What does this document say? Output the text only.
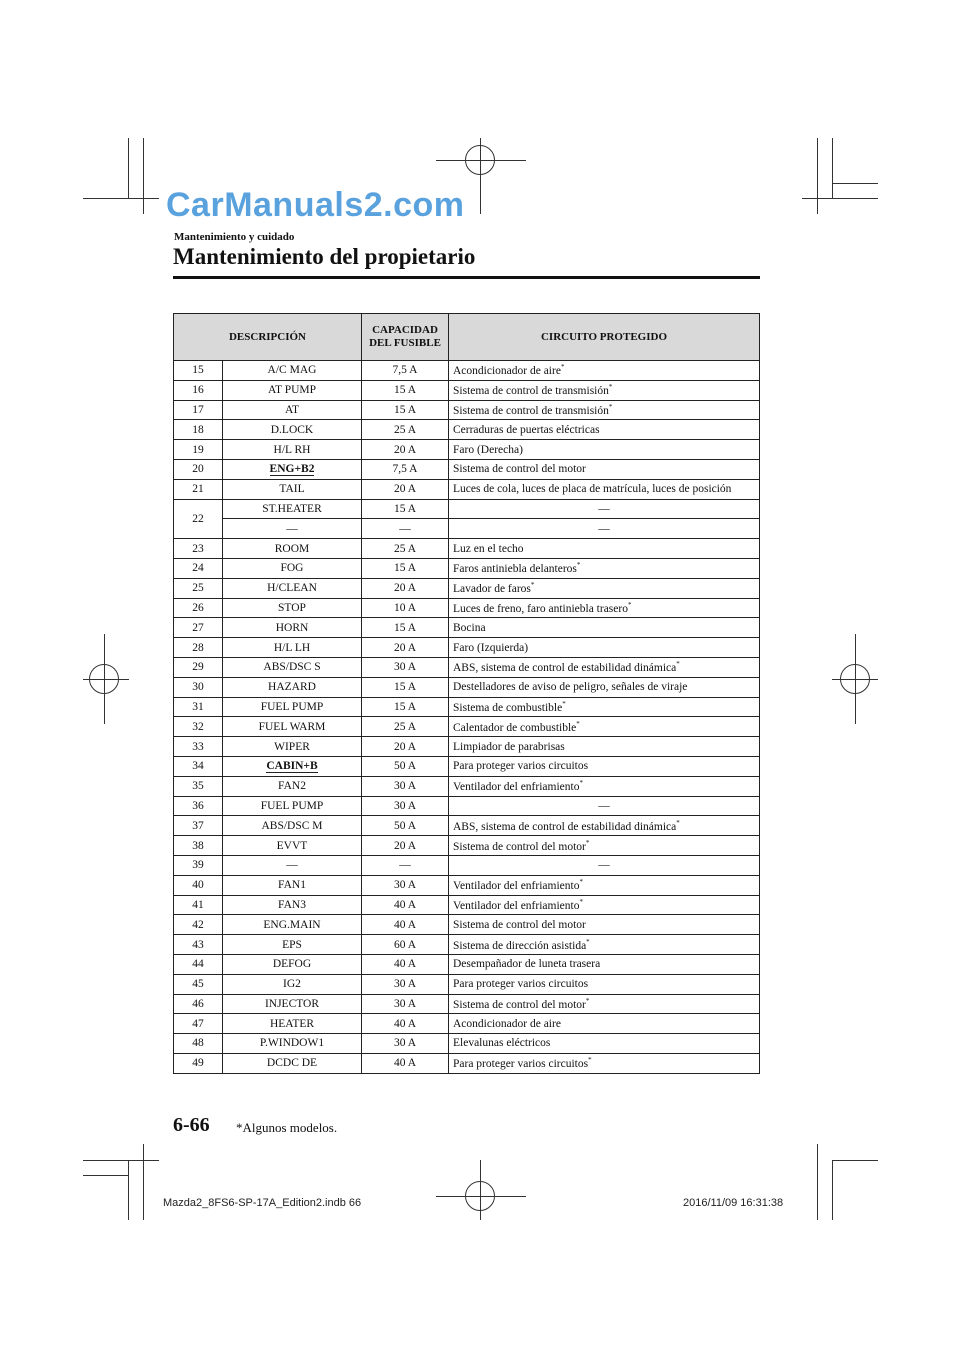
CarManuals2.com
Mantenimiento y cuidado
Mantenimiento del propietario
DESCRIPCIÓN		CAPACIDAD DEL FUSIBLE	CIRCUITO PROTEGIDO
15	A/C MAG	7,5 A	Acondicionador de aire*
16	AT PUMP	15 A	Sistema de control de transmisión*
17	AT	15 A	Sistema de control de transmisión*
18	D.LOCK	25 A	Cerraduras de puertas eléctricas
19	H/L RH	20 A	Faro (Derecha)
20	ENG+B2	7,5 A	Sistema de control del motor
21	TAIL	20 A	Luces de cola, luces de placa de matrícula, luces de posición
22	ST.HEATER	15 A	—
	—	—	—
23	ROOM	25 A	Luz en el techo
24	FOG	15 A	Faros antiniebla delanteros*
25	H/CLEAN	20 A	Lavador de faros*
26	STOP	10 A	Luces de freno, faro antiniebla trasero*
27	HORN	15 A	Bocina
28	H/L LH	20 A	Faro (Izquierda)
29	ABS/DSC S	30 A	ABS, sistema de control de estabilidad dinámica*
30	HAZARD	15 A	Destelladores de aviso de peligro, señales de viraje
31	FUEL PUMP	15 A	Sistema de combustible*
32	FUEL WARM	25 A	Calentador de combustible*
33	WIPER	20 A	Limpiador de parabrisas
34	CABIN+B	50 A	Para proteger varios circuitos
35	FAN2	30 A	Ventilador del enfriamiento*
36	FUEL PUMP	30 A	—
37	ABS/DSC M	50 A	ABS, sistema de control de estabilidad dinámica*
38	EVVT	20 A	Sistema de control del motor*
39	—	—	—
40	FAN1	30 A	Ventilador del enfriamiento*
41	FAN3	40 A	Ventilador del enfriamiento*
42	ENG.MAIN	40 A	Sistema de control del motor
43	EPS	60 A	Sistema de dirección asistida*
44	DEFOG	40 A	Desempañador de luneta trasera
45	IG2	30 A	Para proteger varios circuitos
46	INJECTOR	30 A	Sistema de control del motor*
47	HEATER	40 A	Acondicionador de aire
48	P.WINDOW1	30 A	Elevalunas eléctricos
49	DCDC DE	40 A	Para proteger varios circuitos*
6-66 *Algunos modelos.
Mazda2_8FS6-SP-17A_Edition2.indb 66	2016/11/09 16:31:38
